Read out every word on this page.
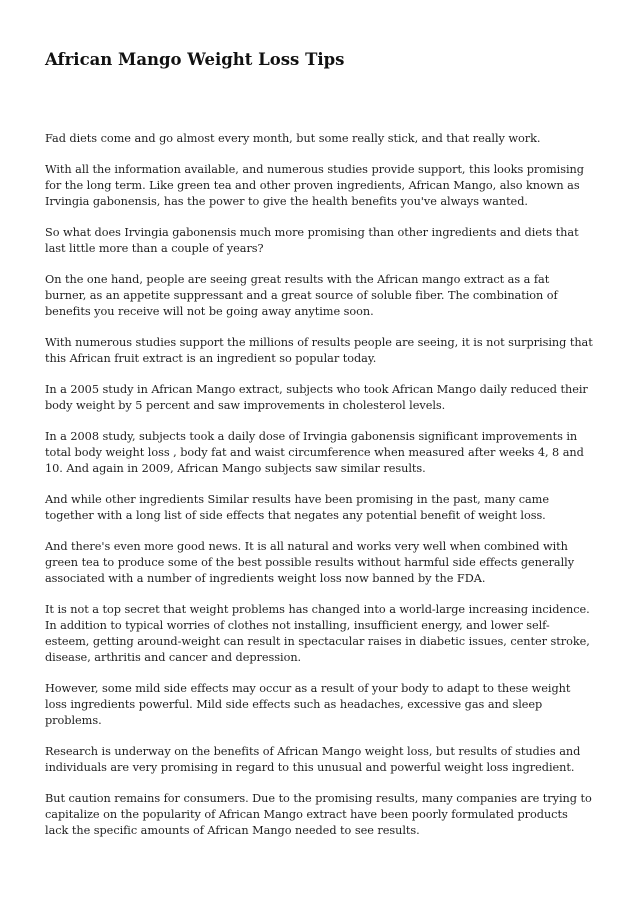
African Mango Weight Loss Tips

Fad diets come and go almost every month, but some really stick, and that really work.

With all the information available, and numerous studies provide support, this looks promising for the long term. Like green tea and other proven ingredients, African Mango, also known as Irvingia gabonensis, has the power to give the health benefits you've always wanted.

So what does Irvingia gabonensis much more promising than other ingredients and diets that last little more than a couple of years?

On the one hand, people are seeing great results with the African mango extract as a fat burner, as an appetite suppressant and a great source of soluble fiber. The combination of benefits you receive will not be going away anytime soon.

With numerous studies support the millions of results people are seeing, it is not surprising that this African fruit extract is an ingredient so popular today.

In a 2005 study in African Mango extract, subjects who took African Mango daily reduced their body weight by 5 percent and saw improvements in cholesterol levels.

In a 2008 study, subjects took a daily dose of Irvingia gabonensis significant improvements in total body weight loss , body fat and waist circumference when measured after weeks 4, 8 and 10. And again in 2009, African Mango subjects saw similar results.

And while other ingredients Similar results have been promising in the past, many came together with a long list of side effects that negates any potential benefit of weight loss.

And there's even more good news. It is all natural and works very well when combined with green tea to produce some of the best possible results without harmful side effects generally associated with a number of ingredients weight loss now banned by the FDA.

It is not a top secret that weight problems has changed into a world-large increasing incidence. In addition to typical worries of clothes not installing, insufficient energy, and lower self-esteem, getting around-weight can result in spectacular raises in diabetic issues, center stroke, disease, arthritis and cancer and depression.

However, some mild side effects may occur as a result of your body to adapt to these weight loss ingredients powerful. Mild side effects such as headaches, excessive gas and sleep problems.

Research is underway on the benefits of African Mango weight loss, but results of studies and individuals are very promising in regard to this unusual and powerful weight loss ingredient.

But caution remains for consumers. Due to the promising results, many companies are trying to capitalize on the popularity of African Mango extract have been poorly formulated products lack the specific amounts of African Mango needed to see results.
